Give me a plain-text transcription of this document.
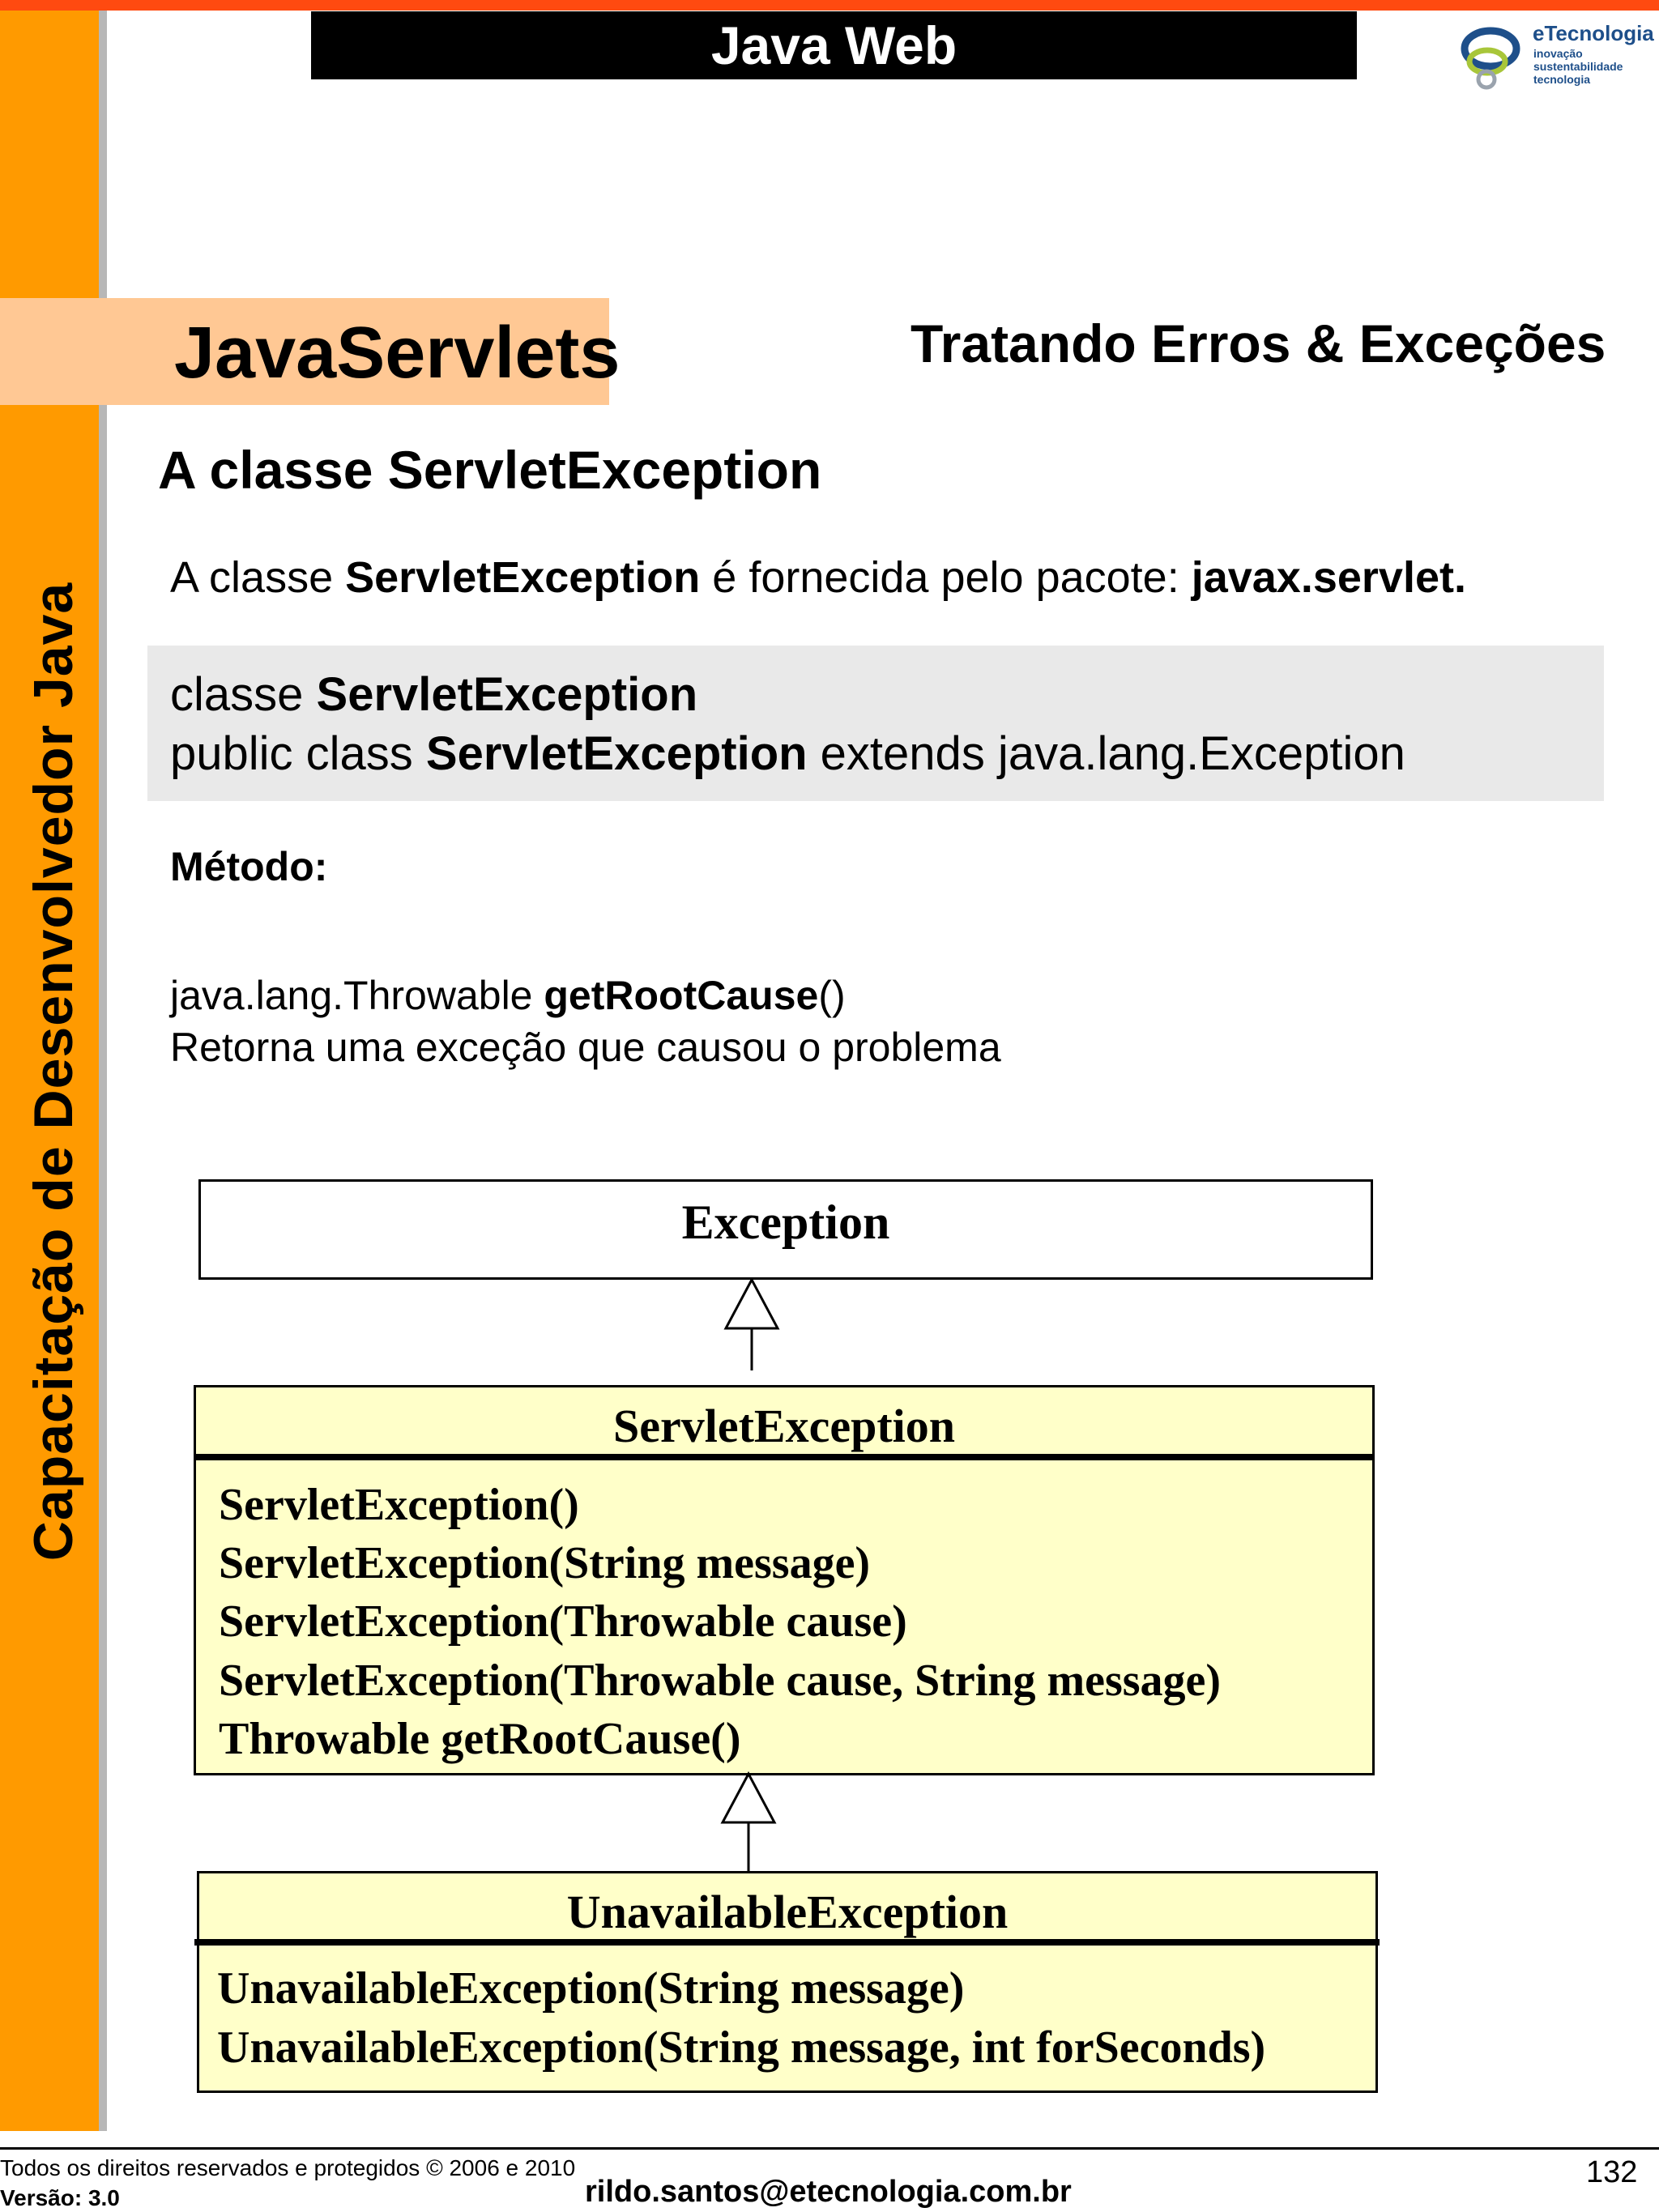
Capacitação de Desenvolvedor Java
Java Web	eTecnologia
inovação
sustentabilidade
tecnologia
JavaServlets	Tratando Erros & Exceções
A classe ServletException
A classe ServletException é fornecida pelo pacote: javax.servlet.
classe ServletException
public class ServletException extends java.lang.Exception
Método:
java.lang.Throwable getRootCause()
Retorna uma exceção que causou o problema
Exception
ServletException
ServletException()
ServletException(String message)
ServletException(Throwable cause)
ServletException(Throwable cause, String message)
Throwable getRootCause()
UnavailableException
UnavailableException(String message)
UnavailableException(String message, int forSeconds)
Todos os direitos reservados e protegidos © 2006 e 2010
Versão: 3.0	rildo.santos@etecnologia.com.br
132
